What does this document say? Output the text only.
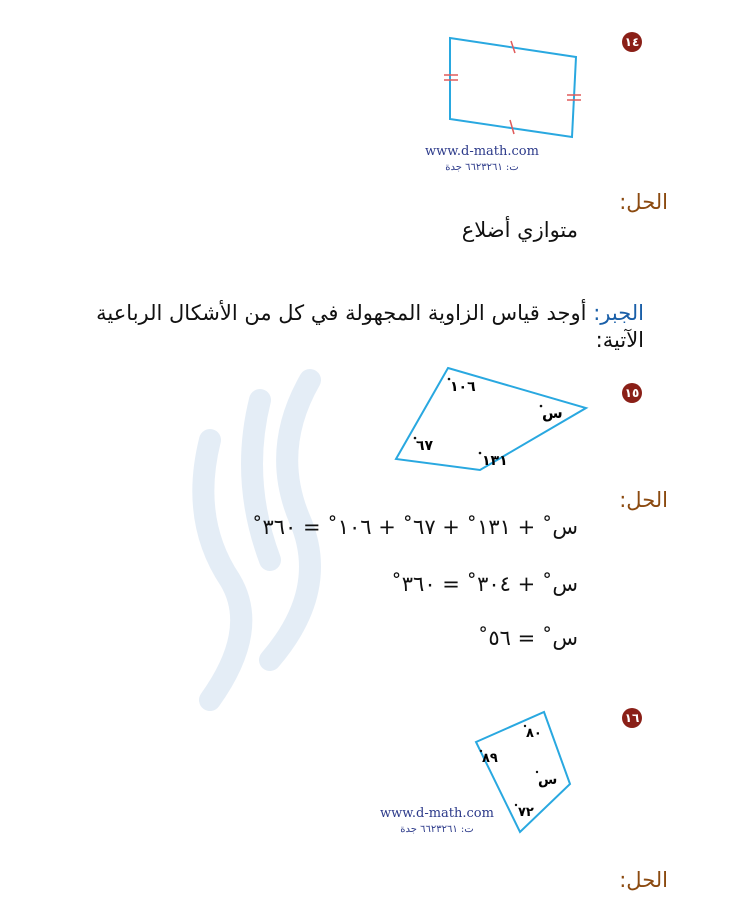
١٤
www.d-math.com
ت: ٦٦٢٣٢٦١ جدة
الحل:
متوازي أضلاع
الجبر: أوجد قياس الزاوية المجهولة في كل من الأشكال الرباعية
الآتية:
١٥
١٠٦
س
٦٧
١٣١
الحل:
س˚ + ١٣١˚ + ٦٧˚ + ١٠٦˚ = ٣٦٠˚
س˚ + ٣٠٤˚ = ٣٦٠˚
س˚ = ٥٦˚
١٦
٨٠
٨٩
س
٧٢
www.d-math.com
ت: ٦٦٢٣٢٦١ جدة
الحل:
